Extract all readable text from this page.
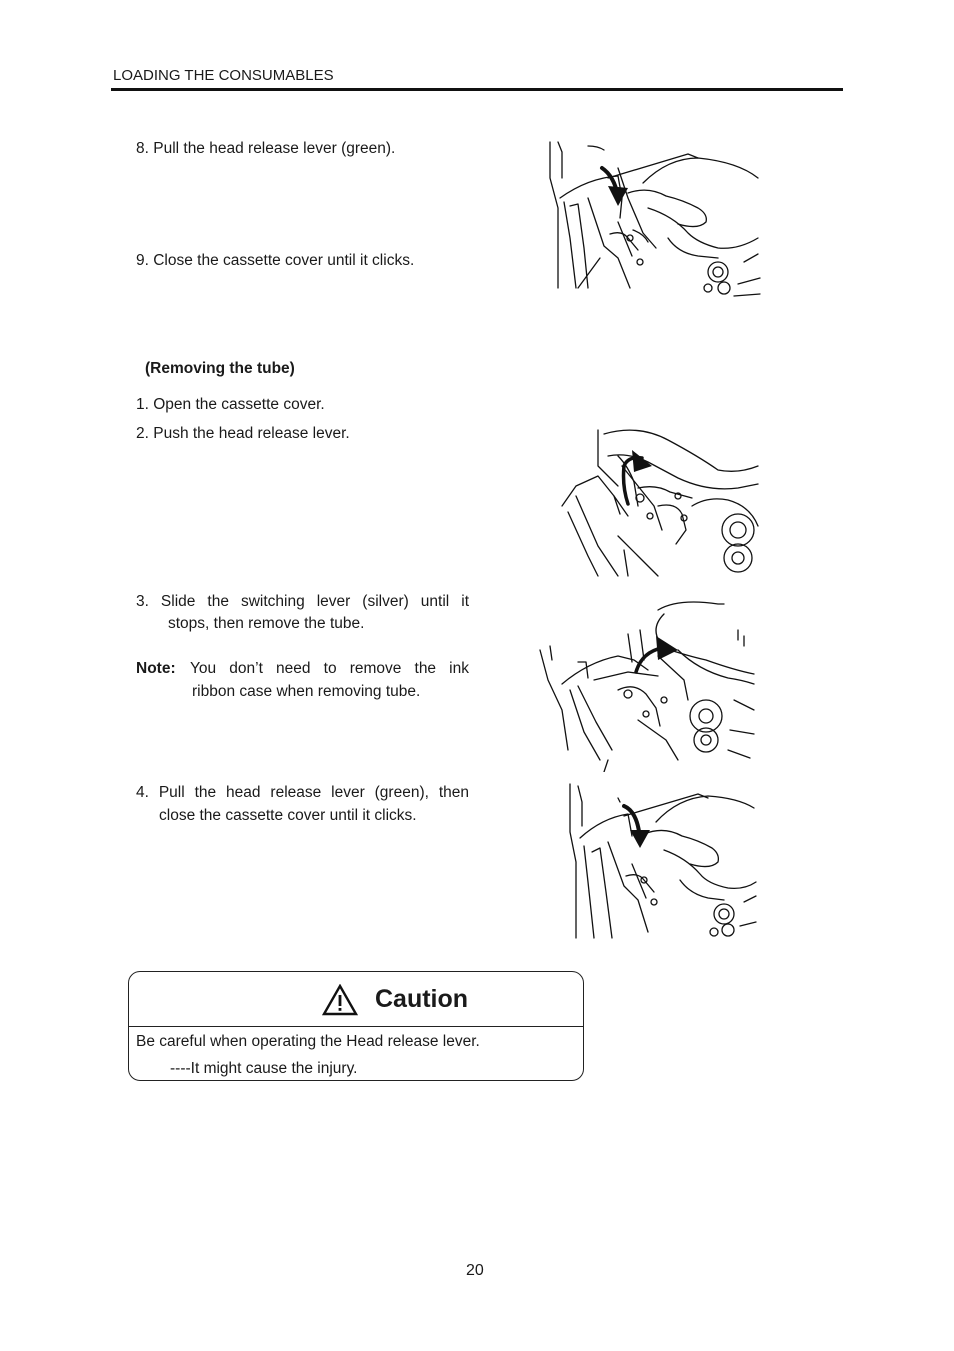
LOADING THE CONSUMABLES
8. Pull the head release lever (green).
9. Close the cassette cover until it clicks.
(Removing the tube)
1. Open the cassette cover.
2. Push the head release lever.
3. Slide the switching lever (silver) until it
stops, then remove the tube.
Note: You don’t need to remove the ink
ribbon case when removing tube.
4. Pull the head release lever (green), then
close the cassette cover until it clicks.
Caution
Be careful when operating the Head release lever.
----It might cause the injury.
20
